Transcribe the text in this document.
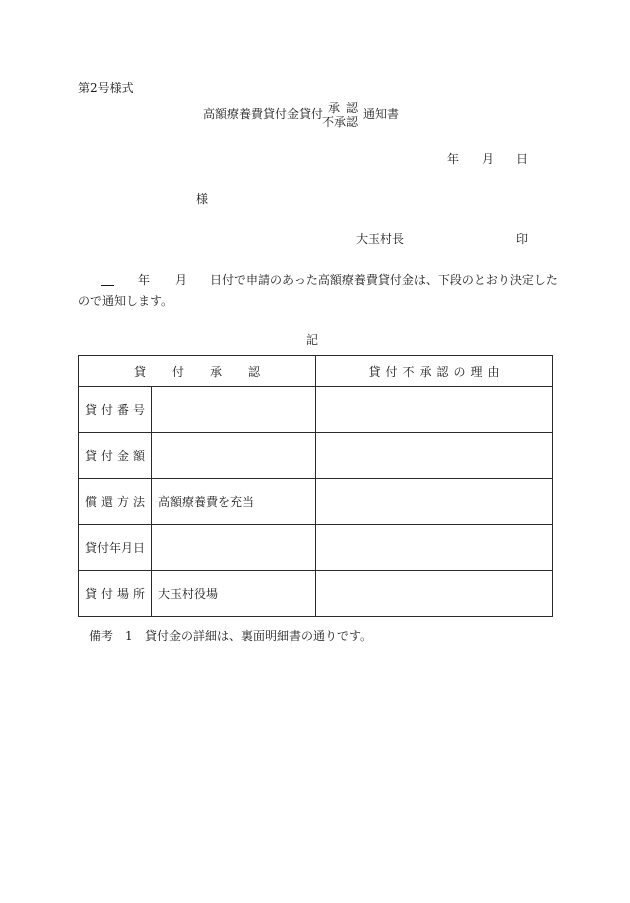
第2号様式
高額療養費貸付金貸付 承認
不承認
通知書
年 月 日
様
大玉村長	印
年 月 日付で申請のあった高額療養費貸付金は、下段のとおり決定した
ので通知します。
記
貸付承認		貸付不承認の理由
貸付番号		
貸付金額		
償還方法	高額療養費を充当	
貸付年月日		
貸付場所	大玉村役場	
備考 1 貸付金の詳細は、裏面明細書の通りです。
